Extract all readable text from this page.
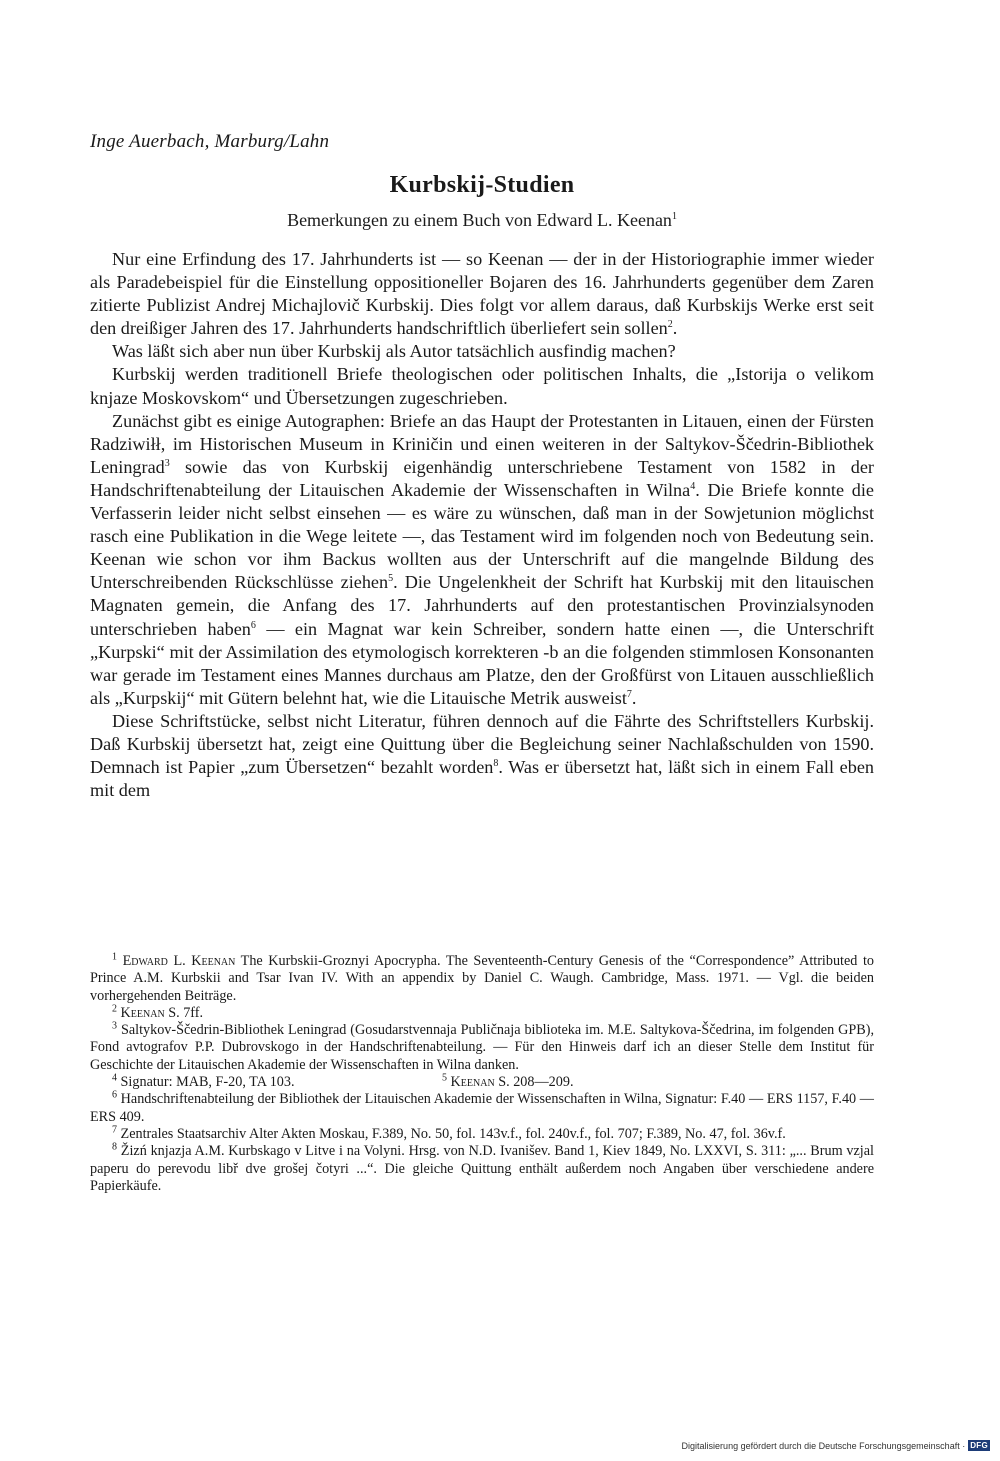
Inge Auerbach, Marburg/Lahn
Kurbskij-Studien
Bemerkungen zu einem Buch von Edward L. Keenan$^1$

Nur eine Erfindung des 17. Jahrhunderts ist — so Keenan — der in der Historiographie immer wieder als Paradebeispiel für die Einstellung oppositioneller Bojaren des 16. Jahrhunderts gegenüber dem Zaren zitierte Publizist Andrej Michajlovič Kurbskij. Dies folgt vor allem daraus, daß Kurbskijs Werke erst seit den dreißiger Jahren des 17. Jahrhunderts handschriftlich überliefert sein sollen$^2$.

Was läßt sich aber nun über Kurbskij als Autor tatsächlich ausfindig machen?

Kurbskij werden traditionell Briefe theologischen oder politischen Inhalts, die „Istorija o velikom knjaze Moskovskom“ und Übersetzungen zugeschrieben.

Zunächst gibt es einige Autographen: Briefe an das Haupt der Protestanten in Litauen, einen der Fürsten Radziwiłł, im Historischen Museum in Kriničin und einen weiteren in der Saltykov-Ščedrin-Bibliothek Leningrad$^3$ sowie das von Kurbskij eigenhändig unterschriebene Testament von 1582 in der Handschriftenabteilung der Litauischen Akademie der Wissenschaften in Wilna$^4$. Die Briefe konnte die Verfasserin leider nicht selbst einsehen — es wäre zu wünschen, daß man in der Sowjetunion möglichst rasch eine Publikation in die Wege leitete —, das Testament wird im folgenden noch von Bedeutung sein. Keenan wie schon vor ihm Backus wollten aus der Unterschrift auf die mangelnde Bildung des Unterschreibenden Rückschlüsse ziehen$^5$. Die Ungelenkheit der Schrift hat Kurbskij mit den litauischen Magnaten gemein, die Anfang des 17. Jahrhunderts auf den protestantischen Provinzialsynoden unterschrieben haben$^6$ — ein Magnat war kein Schreiber, sondern hatte einen —, die Unterschrift „Kurpski“ mit der Assimilation des etymologisch korrekteren -b an die folgenden stimmlosen Konsonanten war gerade im Testament eines Mannes durchaus am Platze, den der Großfürst von Litauen ausschließlich als „Kurpskij“ mit Gütern belehnt hat, wie die Litauische Metrik ausweist$^7$.

Diese Schriftstücke, selbst nicht Literatur, führen dennoch auf die Fährte des Schriftstellers Kurbskij. Daß Kurbskij übersetzt hat, zeigt eine Quittung über die Begleichung seiner Nachlaßschulden von 1590. Demnach ist Papier „zum Übersetzen“ bezahlt worden$^8$. Was er übersetzt hat, läßt sich in einem Fall eben mit dem

$^1$ Edward L. Keenan The Kurbskii-Groznyi Apocrypha. The Seventeenth-Century Genesis of the “Correspondence” Attributed to Prince A.M. Kurbskii and Tsar Ivan IV. With an appendix by Daniel C. Waugh. Cambridge, Mass. 1971. — Vgl. die beiden vorhergehenden Beiträge.

$^2$ Keenan S. 7ff.

$^3$ Saltykov-Ščedrin-Bibliothek Leningrad (Gosudarstvennaja Publičnaja biblioteka im. M.E. Saltykova-Ščedrina, im folgenden GPB), Fond avtografov P.P. Dubrovskogo in der Handschriftenabteilung. — Für den Hinweis darf ich an dieser Stelle dem Institut für Geschichte der Litauischen Akademie der Wissenschaften in Wilna danken.

$^4$ Signatur: MAB, F-20, TA 103.	$^5$ Keenan S. 208—209.

$^6$ Handschriftenabteilung der Bibliothek der Litauischen Akademie der Wissenschaften in Wilna, Signatur: F.40 — ERS 1157, F.40 — ERS 409.

$^7$ Zentrales Staatsarchiv Alter Akten Moskau, F.389, No. 50, fol. 143v.f., fol. 240v.f., fol. 707; F.389, No. 47, fol. 36v.f.

$^8$ Žizń knjazja A.M. Kurbskago v Litve i na Volyni. Hrsg. von N.D. Ivanišev. Band 1, Kiev 1849, No. LXXVI, S. 311: „... Brum vzjal paperu do perevodu libř dve grošej čotyri ...“. Die gleiche Quittung enthält außerdem noch Angaben über verschiedene andere Papierkäufe.

Digitalisierung gefördert durch die Deutsche Forschungsgemeinschaft · DFG
